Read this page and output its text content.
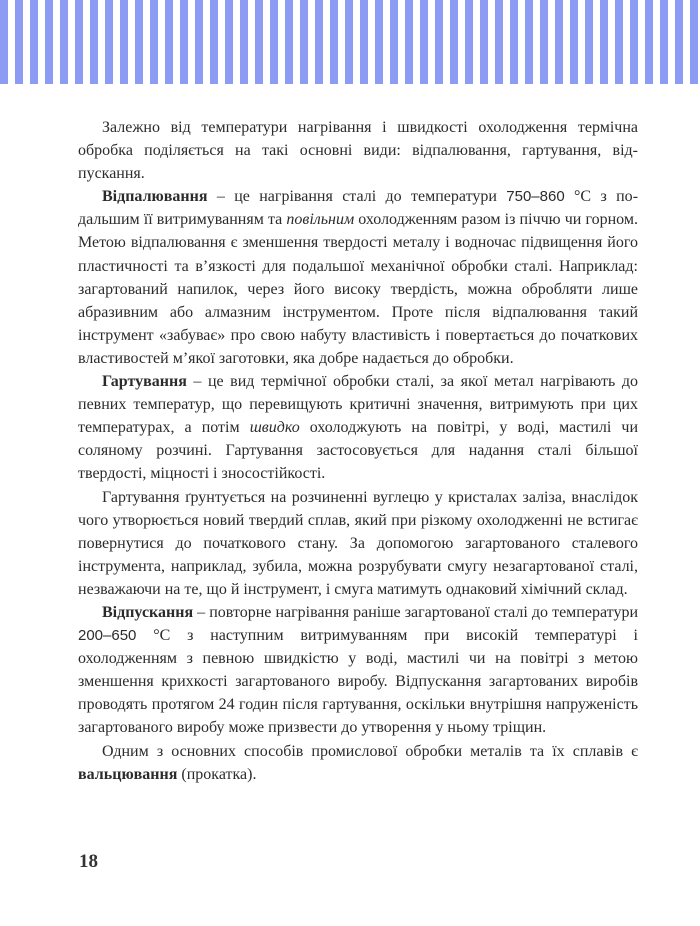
Залежно від температури нагрівання і швидкості охолодження термічна обробка поділяється на такі основні види: відпалювання, гартування, відпускання.

Відпалювання – це нагрівання сталі до температури 750–860 °С з подальшим її витримуванням та повільним охолодженням разом із піччю чи горном. Метою відпалювання є зменшення твердості металу і водночас підвищення його пластичності та в’язкості для подальшої механічної обробки сталі. Наприклад: загартований напилок, через його високу твердість, можна обробляти лише абразивним або алмазним інструментом. Проте після відпалювання такий інструмент «забуває» про свою набуту властивість і повертається до початкових властивостей м’якої заготовки, яка добре надається до обробки.

Гартування – це вид термічної обробки сталі, за якої метал нагрівають до певних температур, що перевищують критичні значення, витримують при цих температурах, а потім швидко охолоджують на повітрі, у воді, мастилі чи соляному розчині. Гартування застосовується для надання сталі більшої твердості, міцності і зносостійкості.

Гартування ґрунтується на розчиненні вуглецю у кристалах заліза, внаслідок чого утворюється новий твердий сплав, який при різкому охолодженні не встигає повернутися до початкового стану. За допомогою загартованого сталевого інструмента, наприклад, зубила, можна розрубувати смугу незагартованої сталі, незважаючи на те, що й інструмент, і смуга матимуть однаковий хімічний склад.

Відпускання – повторне нагрівання раніше загартованої сталі до температури 200–650 °С з наступним витримуванням при високій температурі і охолодженням з певною швидкістю у воді, мастилі чи на повітрі з метою зменшення крихкості загартованого виробу. Відпускання загартованих виробів проводять протягом 24 годин після гартування, оскільки внутрішня напруженість загартованого виробу може призвести до утворення у ньому тріщин.

Одним з основних способів промислової обробки металів та їх сплавів є вальцювання (прокатка).

18
